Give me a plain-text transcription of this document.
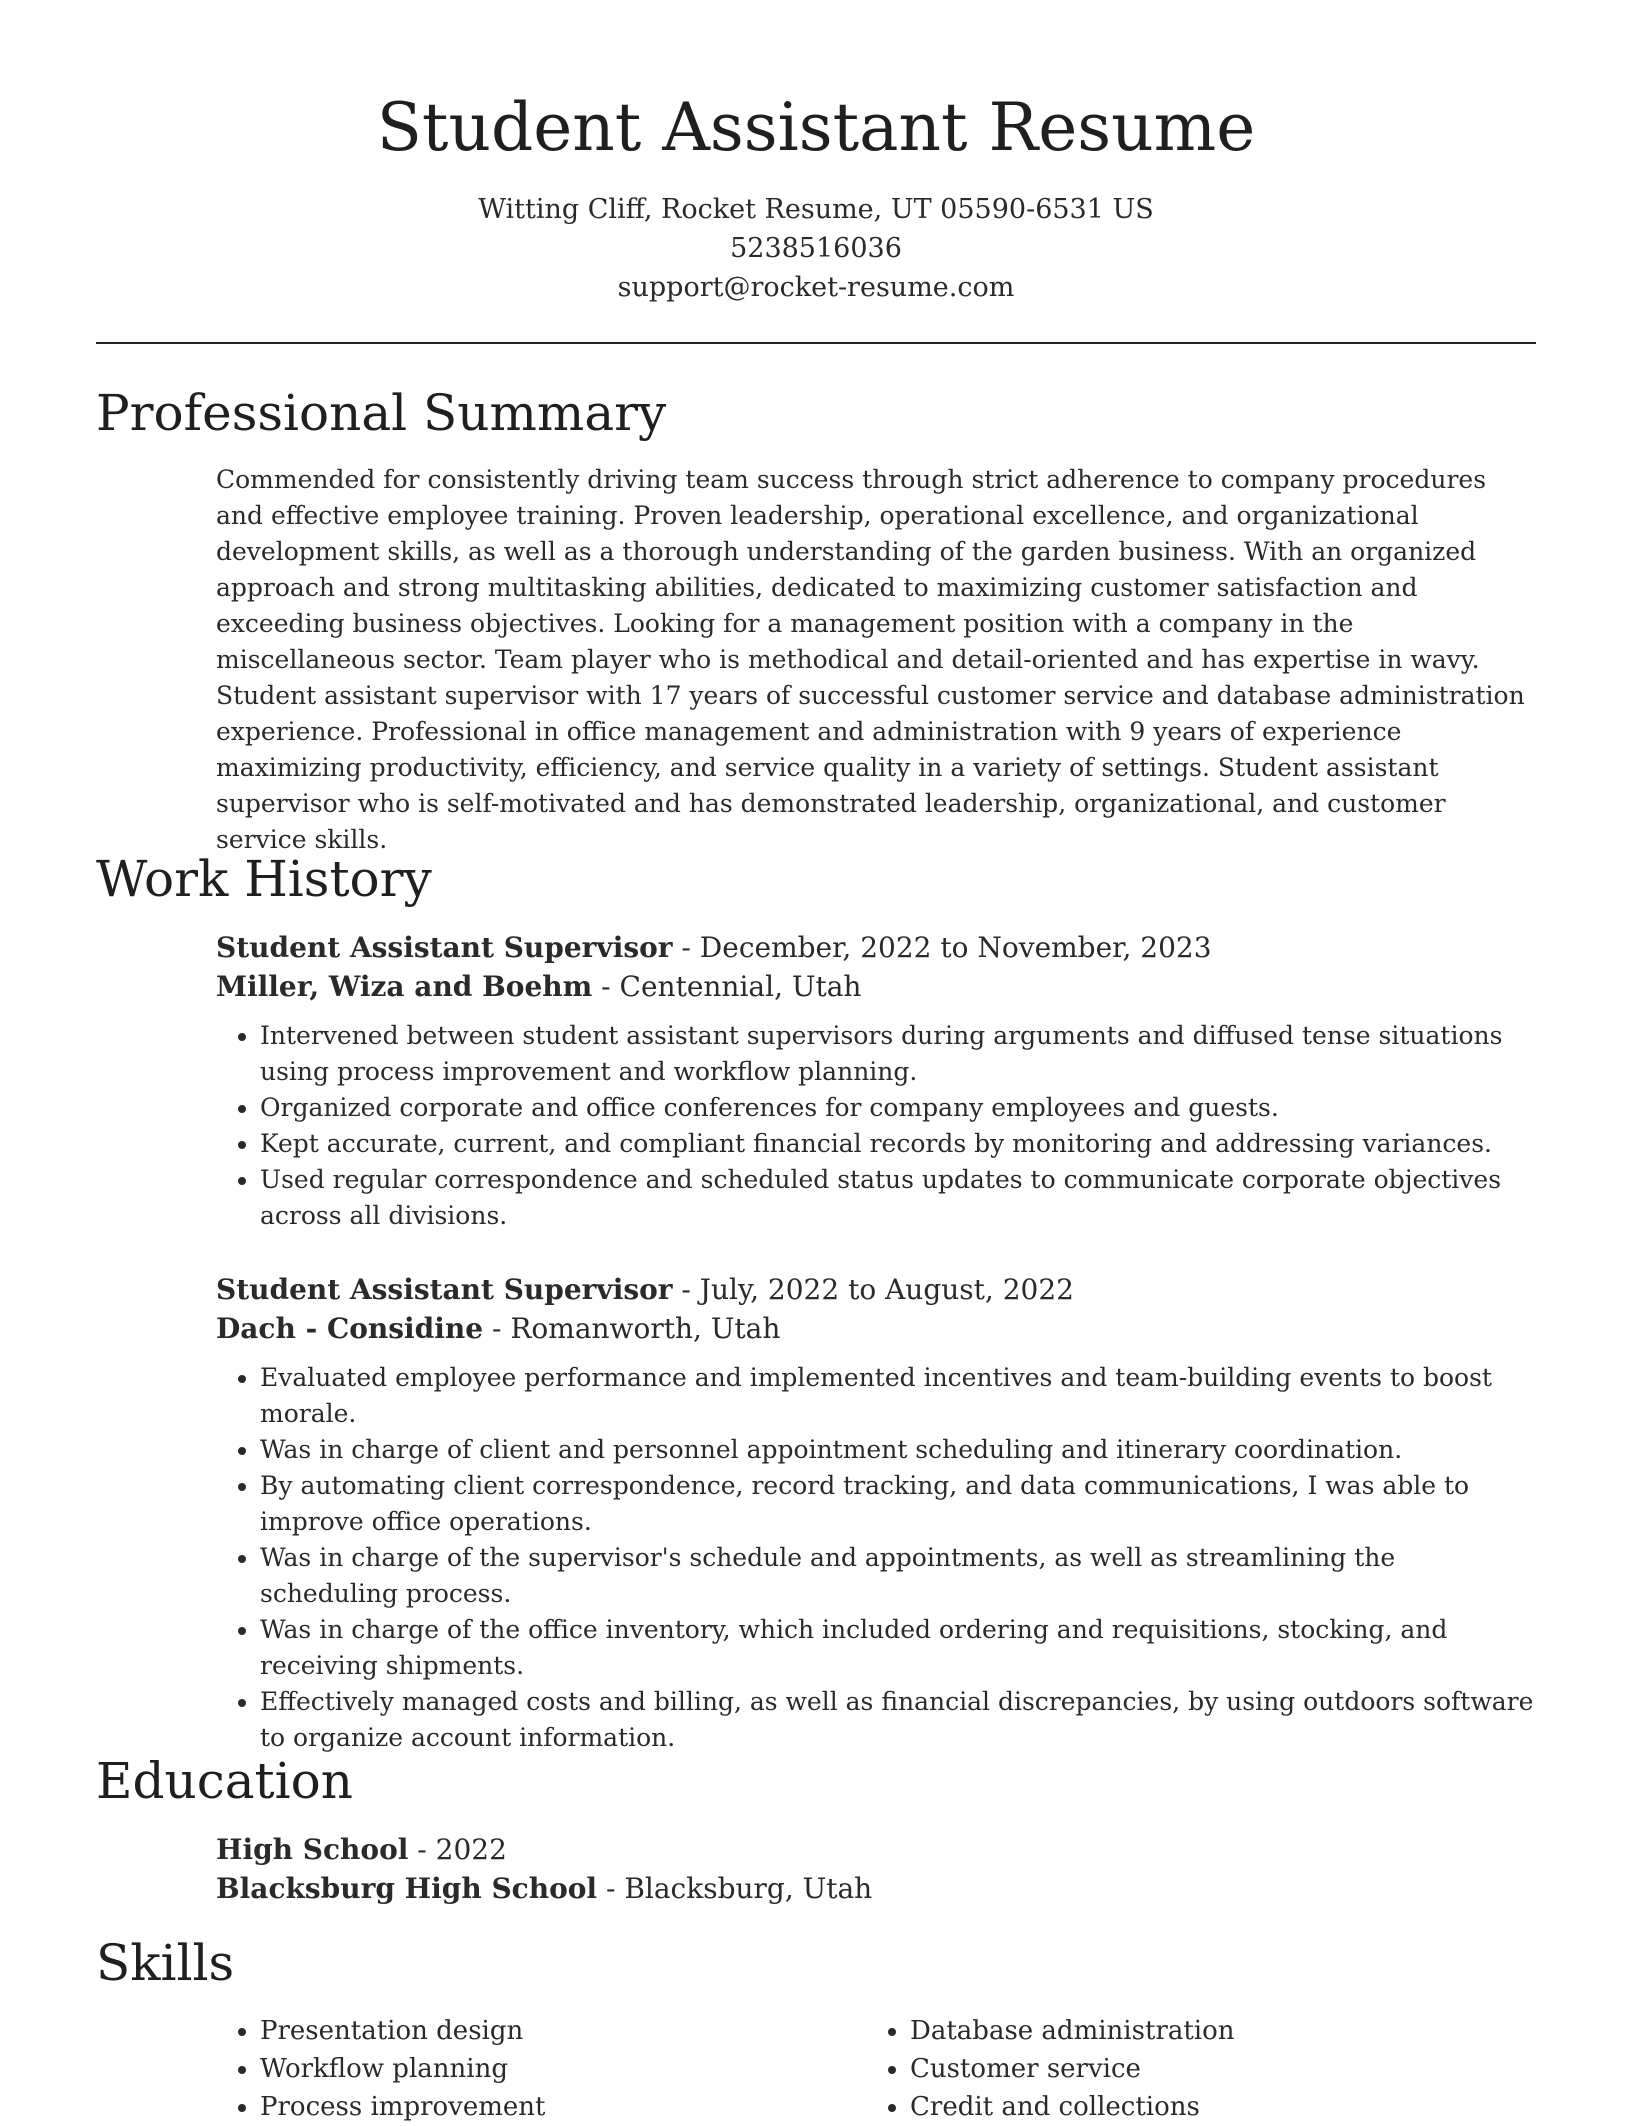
Student Assistant Resume
Witting Cliff, Rocket Resume, UT 05590-6531 US
5238516036
support@rocket-resume.com
Professional Summary

Commended for consistently driving team success through strict adherence to company procedures and effective employee training. Proven leadership, operational excellence, and organizational development skills, as well as a thorough understanding of the garden business. With an organized approach and strong multitasking abilities, dedicated to maximizing customer satisfaction and exceeding business objectives. Looking for a management position with a company in the miscellaneous sector. Team player who is methodical and detail-oriented and has expertise in wavy. Student assistant supervisor with 17 years of successful customer service and database administration experience. Professional in office management and administration with 9 years of experience maximizing productivity, efficiency, and service quality in a variety of settings. Student assistant supervisor who is self-motivated and has demonstrated leadership, organizational, and customer service skills.

Work History
Student Assistant Supervisor - December, 2022 to November, 2023
Miller, Wiza and Boehm - Centennial, Utah
• Intervened between student assistant supervisors during arguments and diffused tense situations using process improvement and workflow planning.
• Organized corporate and office conferences for company employees and guests.
• Kept accurate, current, and compliant financial records by monitoring and addressing variances.
• Used regular correspondence and scheduled status updates to communicate corporate objectives across all divisions.
Student Assistant Supervisor - July, 2022 to August, 2022
Dach - Considine - Romanworth, Utah
• Evaluated employee performance and implemented incentives and team-building events to boost morale.
• Was in charge of client and personnel appointment scheduling and itinerary coordination.
• By automating client correspondence, record tracking, and data communications, I was able to improve office operations.
• Was in charge of the supervisor's schedule and appointments, as well as streamlining the scheduling process.
• Was in charge of the office inventory, which included ordering and requisitions, stocking, and receiving shipments.
• Effectively managed costs and billing, as well as financial discrepancies, by using outdoors software to organize account information.
Education
High School - 2022
Blacksburg High School - Blacksburg, Utah
Skills
• Presentation design
• Workflow planning
• Process improvement
• Database administration
• Customer service
• Credit and collections
